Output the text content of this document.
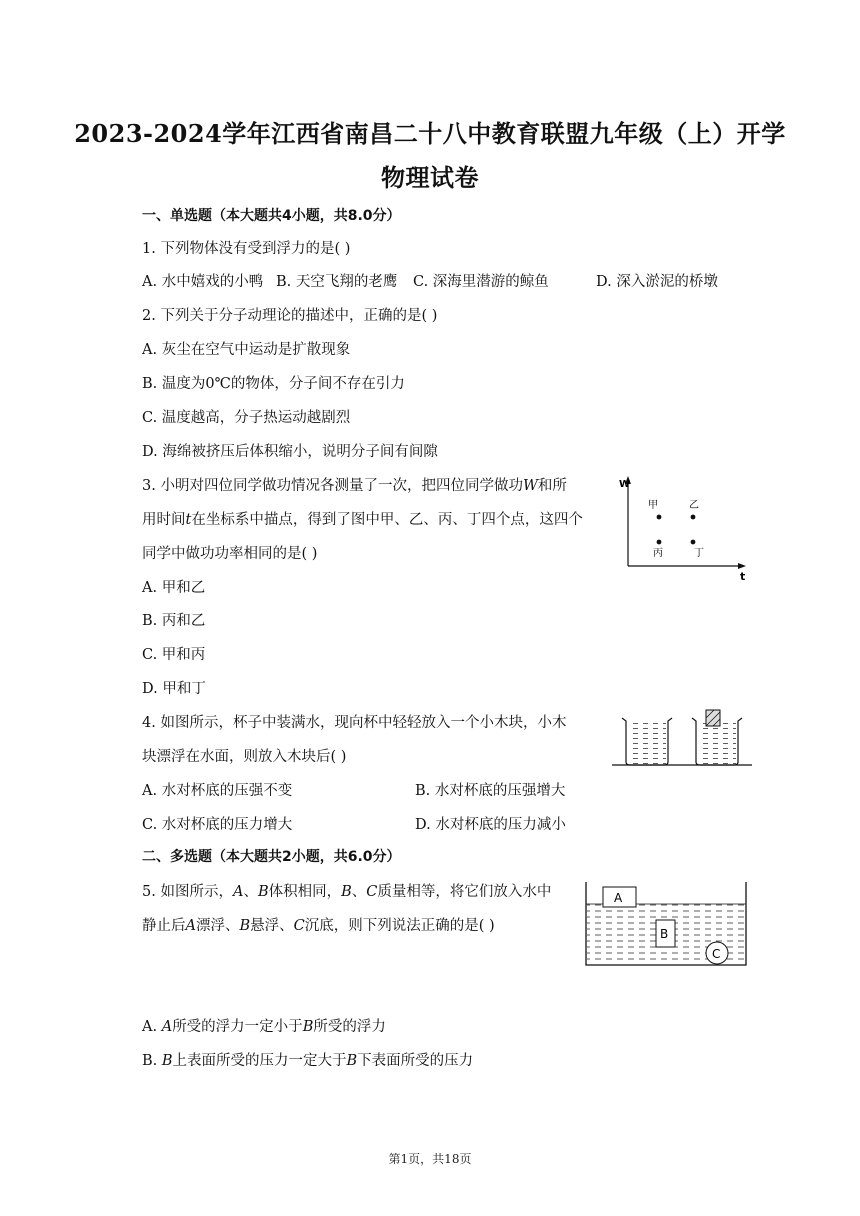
2023-2024学年江西省南昌二十八中教育联盟九年级（上）开学
物理试卷
一、单选题（本大题共4小题，共8.0分）
1. 下列物体没有受到浮力的是( )
A. 水中嬉戏的小鸭 B. 天空飞翔的老鹰 C. 深海里潜游的鲸鱼	D. 深入淤泥的桥墩
2. 下列关于分子动理论的描述中，正确的是( )
A. 灰尘在空气中运动是扩散现象
B. 温度为0℃的物体，分子间不存在引力
C. 温度越高，分子热运动越剧烈
D. 海绵被挤压后体积缩小，说明分子间有间隙
3. 小明对四位同学做功情况各测量了一次，把四位同学做功W和所
用时间t在坐标系中描点，得到了图中甲、乙、丙、丁四个点，这四个
同学中做功功率相同的是( )
A. 甲和乙
B. 丙和乙
C. 甲和丙
D. 甲和丁
W
t
甲	乙
丙	丁
4. 如图所示，杯子中装满水，现向杯中轻轻放入一个小木块，小木
块漂浮在水面，则放入木块后( )
A. 水对杯底的压强不变	B. 水对杯底的压强增大
C. 水对杯底的压力增大	D. 水对杯底的压力减小
二、多选题（本大题共2小题，共6.0分）
5. 如图所示，A、B体积相同，B、C质量相等，将它们放入水中
静止后A漂浮、B悬浮、C沉底，则下列说法正确的是( )
A. A所受的浮力一定小于B所受的浮力
B. B上表面所受的压力一定大于B下表面所受的压力
A
B
C
第1页，共18页
